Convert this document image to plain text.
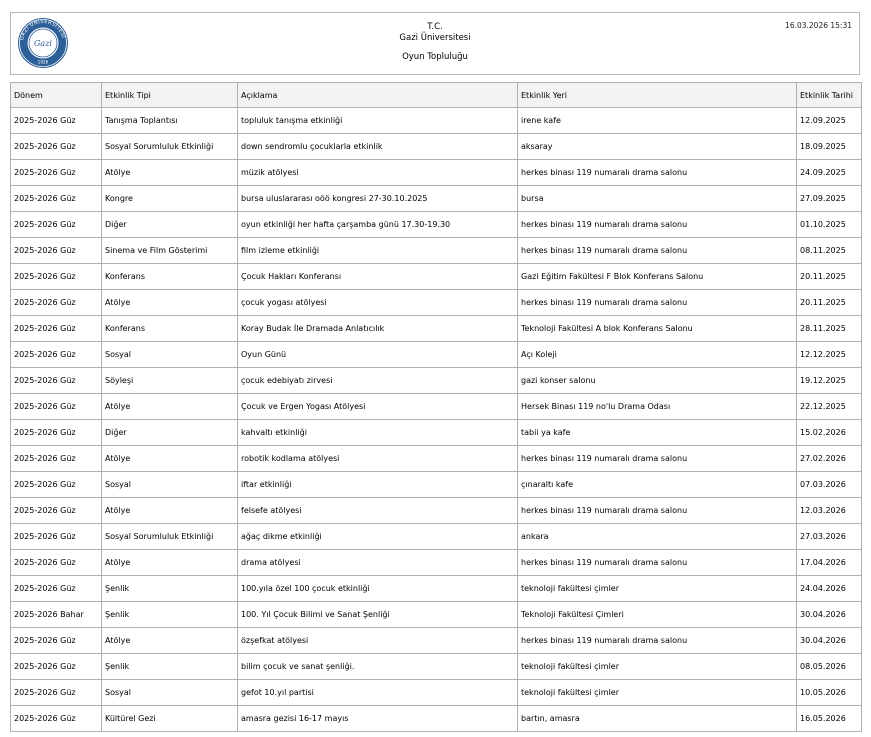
GAZİ ÜNİVERSİTESİ
Gazi
1926
T.C.
Gazi Üniversitesi
Oyun Topluluğu
16.03.2026 15:31
Dönem	Etkinlik Tipi	Açıklama	Etkinlik Yeri	Etkinlik Tarihi
2025-2026 Güz	Tanışma Toplantısı	topluluk tanışma etkinliği	irene kafe	12.09.2025
2025-2026 Güz	Sosyal Sorumluluk Etkinliği	down sendromlu çocuklarla etkinlik	aksaray	18.09.2025
2025-2026 Güz	Atölye	müzik atölyesi	herkes binası 119 numaralı drama salonu	24.09.2025
2025-2026 Güz	Kongre	bursa uluslararası oöö kongresi 27-30.10.2025	bursa	27.09.2025
2025-2026 Güz	Diğer	oyun etkinliği her hafta çarşamba günü 17.30-19.30	herkes binası 119 numaralı drama salonu	01.10.2025
2025-2026 Güz	Sinema ve Film Gösterimi	film izleme etkinliği	herkes binası 119 numaralı drama salonu	08.11.2025
2025-2026 Güz	Konferans	Çocuk Hakları Konferansı	Gazi Eğitim Fakültesi F Blok Konferans Salonu	20.11.2025
2025-2026 Güz	Atölye	çocuk yogası atölyesi	herkes binası 119 numaralı drama salonu	20.11.2025
2025-2026 Güz	Konferans	Koray Budak İle Dramada Anlatıcılık	Teknoloji Fakültesi A blok Konferans Salonu	28.11.2025
2025-2026 Güz	Sosyal	Oyun Günü	Açı Koleji	12.12.2025
2025-2026 Güz	Söyleşi	çocuk edebiyatı zirvesi	gazi konser salonu	19.12.2025
2025-2026 Güz	Atölye	Çocuk ve Ergen Yogası Atölyesi	Hersek Binası 119 no'lu Drama Odası	22.12.2025
2025-2026 Güz	Diğer	kahvaltı etkinliği	tabii ya kafe	15.02.2026
2025-2026 Güz	Atölye	robotik kodlama atölyesi	herkes binası 119 numaralı drama salonu	27.02.2026
2025-2026 Güz	Sosyal	iftar etkinliği	çınaraltı kafe	07.03.2026
2025-2026 Güz	Atölye	felsefe atölyesi	herkes binası 119 numaralı drama salonu	12.03.2026
2025-2026 Güz	Sosyal Sorumluluk Etkinliği	ağaç dikme etkinliği	ankara	27.03.2026
2025-2026 Güz	Atölye	drama atölyesi	herkes binası 119 numaralı drama salonu	17.04.2026
2025-2026 Güz	Şenlik	100.yıla özel 100 çocuk etkinliği	teknoloji fakültesi çimler	24.04.2026
2025-2026 Bahar	Şenlik	100. Yıl Çocuk Bilimi ve Sanat Şenliği	Teknoloji Fakültesi Çimleri	30.04.2026
2025-2026 Güz	Atölye	özşefkat atölyesi	herkes binası 119 numaralı drama salonu	30.04.2026
2025-2026 Güz	Şenlik	bilim çocuk ve sanat şenliği.	teknoloji fakültesi çimler	08.05.2026
2025-2026 Güz	Sosyal	gefot 10.yıl partisi	teknoloji fakültesi çimler	10.05.2026
2025-2026 Güz	Kültürel Gezi	amasra gezisi 16-17 mayıs	bartın, amasra	16.05.2026
